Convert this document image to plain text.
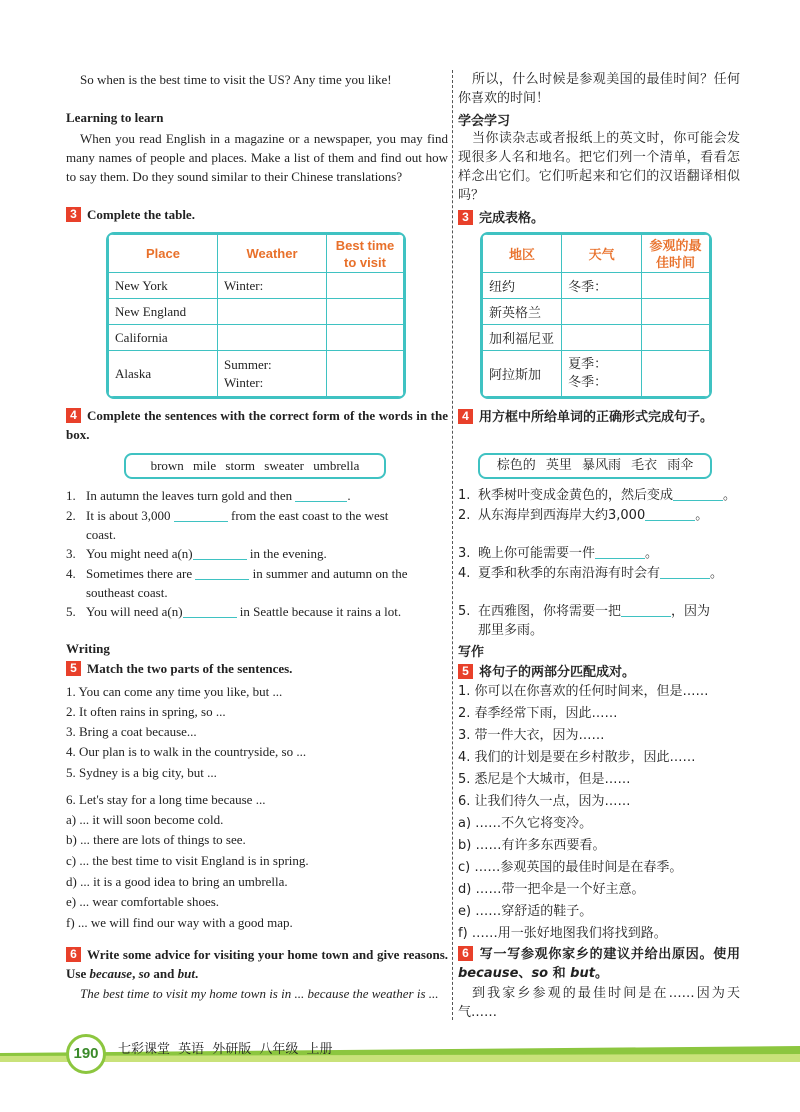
So when is the best time to visit the US? Any time you like!
Learning to learn
When you read English in a magazine or a newspaper, you may find many names of people and places. Make a list of them and find out how to say them. Do they sound similar to their Chinese translations?
3 Complete the table.
Place	Weather	Best time to visit
New York	Winter:	
New England		
California		
Alaska	Summer:
Winter:	

4 Complete the sentences with the correct form of the words in the box.
brown mile storm sweater umbrella
1. In autumn the leaves turn gold and then	.
2. It is about 3,000	from the east coast to the west
coast.
3. You might need a(n)	in the evening.
4. Sometimes there are	in summer and autumn on the
southeast coast.
5. You will need a(n)	in Seattle because it rains a lot.
Writing
5 Match the two parts of the sentences.
1. You can come any time you like, but ...
2. It often rains in spring, so ...
3. Bring a coat because...
4. Our plan is to walk in the countryside, so ...
5. Sydney is a big city, but ...
6. Let's stay for a long time because ...
a) ... it will soon become cold.
b) ... there are lots of things to see.
c) ... the best time to visit England is in spring.
d) ... it is a good idea to bring an umbrella.
e) ... wear comfortable shoes.
f) ... we will find our way with a good map.
6 Write some advice for visiting your home town and give reasons. Use because, so and but.
The best time to visit my home town is in ... because the weather is ...
所以，什么时候是参观美国的最佳时间？任何你喜欢的时间！
学会学习
当你读杂志或者报纸上的英文时，你可能会发现很多人名和地名。把它们列一个清单，看看怎样念出它们。它们听起来和它们的汉语翻译相似吗？
3 完成表格。
地区	天气	参观的最佳时间
纽约	冬季：	
新英格兰		
加利福尼亚		
阿拉斯加	夏季：
冬季：	

4 用方框中所给单词的正确形式完成句子。
棕色的 英里 暴风雨 毛衣 雨伞
1. 秋季树叶变成金黄色的，然后变成	。
2. 从东海岸到西海岸大约3,000	。
3. 晚上你可能需要一件	。
4. 夏季和秋季的东南沿海有时会有	。
5. 在西雅图，你将需要一把	，因为
那里多雨。
写作
5 将句子的两部分匹配成对。
1. 你可以在你喜欢的任何时间来，但是……
2. 春季经常下雨，因此……
3. 带一件大衣，因为……
4. 我们的计划是要在乡村散步，因此……
5. 悉尼是个大城市，但是……
6. 让我们待久一点，因为……
a) ……不久它将变冷。
b) ……有许多东西要看。
c) ……参观英国的最佳时间是在春季。
d) ……带一把伞是一个好主意。
e) ……穿舒适的鞋子。
f) ……用一张好地图我们将找到路。
6 写一写参观你家乡的建议并给出原因。使用 because、so 和 but。
到我家乡参观的最佳时间是在……因为天气……
190	七彩课堂 英语 外研版 八年级 上册
